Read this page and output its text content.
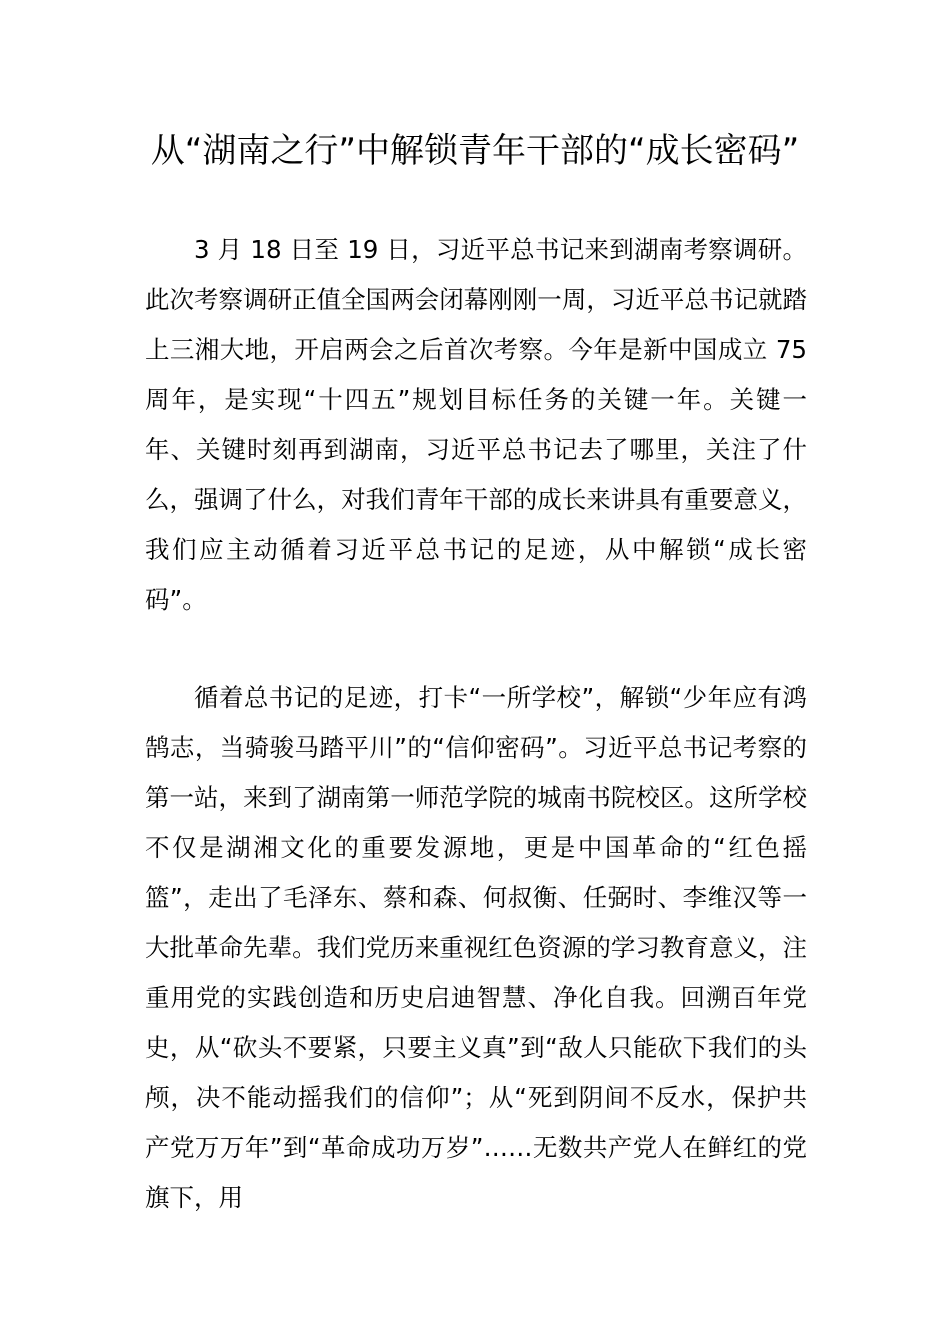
从“湖南之行”中解锁青年干部的“成长密码”

3 月 18 日至 19 日，习近平总书记来到湖南考察调研。此次考察调研正值全国两会闭幕刚刚一周，习近平总书记就踏上三湘大地，开启两会之后首次考察。今年是新中国成立 75 周年，是实现“十四五”规划目标任务的关键一年。关键一年、关键时刻再到湖南，习近平总书记去了哪里，关注了什么，强调了什么，对我们青年干部的成长来讲具有重要意义，我们应主动循着习近平总书记的足迹，从中解锁“成长密码”。

循着总书记的足迹，打卡“一所学校”，解锁“少年应有鸿鹄志，当骑骏马踏平川”的“信仰密码”。习近平总书记考察的第一站，来到了湖南第一师范学院的城南书院校区。这所学校不仅是湖湘文化的重要发源地，更是中国革命的“红色摇篮”，走出了毛泽东、蔡和森、何叔衡、任弼时、李维汉等一大批革命先辈。我们党历来重视红色资源的学习教育意义，注重用党的实践创造和历史启迪智慧、净化自我。回溯百年党史，从“砍头不要紧，只要主义真”到“敌人只能砍下我们的头颅，决不能动摇我们的信仰”；从“死到阴间不反水，保护共产党万万年”到“革命成功万岁”……无数共产党人在鲜红的党旗下，用
